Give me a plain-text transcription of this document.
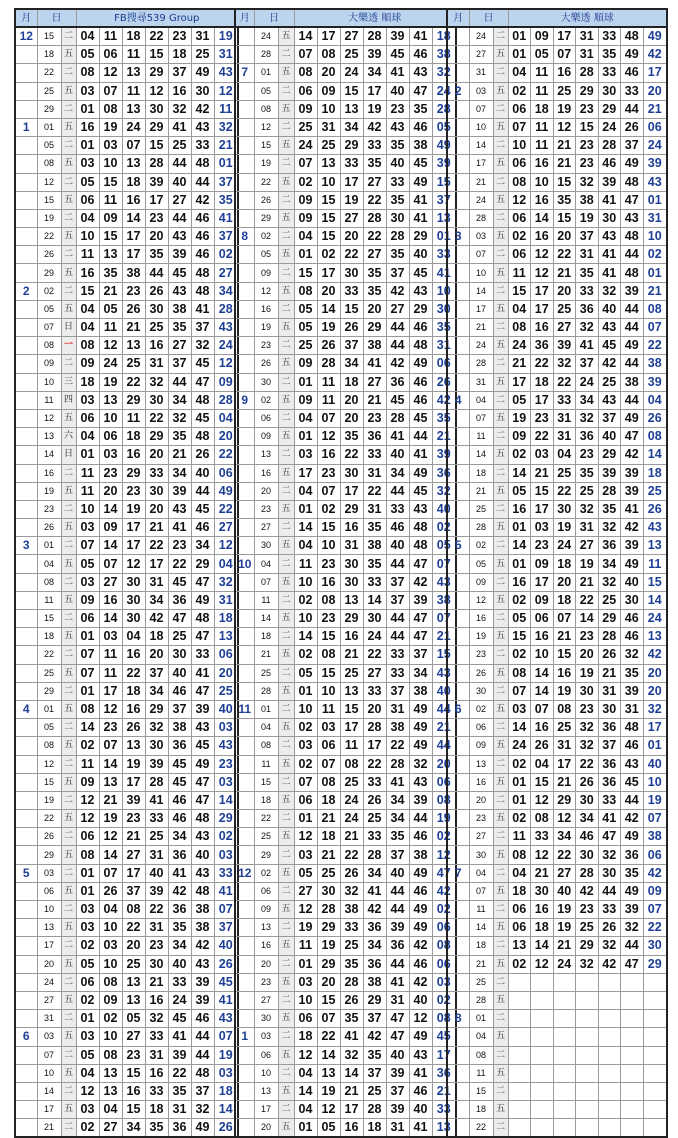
月	日		FB搜尋539 Group						
12	15	二	04	11	18	22	23	31	19
	18	五	05	06	11	15	18	25	31
	22	二	08	12	13	29	37	49	43
	25	五	03	07	11	12	16	30	12
	29	二	01	08	13	30	32	42	11
1	01	五	16	19	24	29	41	43	32
	05	二	01	03	07	15	25	33	21
	08	五	03	10	13	28	44	48	01
	12	二	05	15	18	39	40	44	37
	15	五	06	11	16	17	27	42	35
	19	二	04	09	14	23	44	46	41
	22	五	10	15	17	20	43	46	37
	26	二	11	13	17	35	39	46	02
	29	五	16	35	38	44	45	48	27
2	02	二	15	21	23	26	43	48	34
	05	五	04	05	26	30	38	41	28
	07	日	04	11	21	25	35	37	43
	08	一	08	12	13	16	27	32	24
	09	二	09	24	25	31	37	45	12
	10	三	18	19	22	32	44	47	09
	11	四	03	13	29	30	34	48	28
	12	五	06	10	11	22	32	45	04
	13	六	04	06	18	29	35	48	20
	14	日	01	03	16	20	21	26	22
	16	二	11	23	29	33	34	40	06
	19	五	11	20	23	30	39	44	49
	23	二	10	14	19	20	43	45	22
	26	五	03	09	17	21	41	46	27
3	01	二	07	14	17	22	23	34	12
	04	五	05	07	12	17	22	29	04
	08	二	03	27	30	31	45	47	32
	11	五	09	16	30	34	36	49	31
	15	二	06	14	30	42	47	48	18
	18	五	01	03	04	18	25	47	13
	22	二	07	11	16	20	30	33	06
	25	五	07	11	22	37	40	41	20
	29	二	01	17	18	34	46	47	25
4	01	五	08	12	16	29	37	39	40
	05	二	14	23	26	32	38	43	03
	08	五	02	07	13	30	36	45	43
	12	二	11	14	19	39	45	49	23
	15	五	09	13	17	28	45	47	03
	19	二	12	21	39	41	46	47	14
	22	五	12	19	23	33	46	48	29
	26	二	06	12	21	25	34	43	02
	29	五	08	14	27	31	36	40	03
5	03	二	01	07	17	40	41	43	33
	06	五	01	26	37	39	42	48	41
	10	二	03	04	08	22	36	38	07
	13	五	03	10	22	31	35	38	37
	17	二	02	03	20	23	34	42	40
	20	五	05	10	25	30	40	43	26
	24	二	06	08	13	21	33	39	45
	27	五	02	09	13	16	24	39	41
	31	二	01	02	05	32	45	46	43
6	03	五	03	10	27	33	41	44	07
	07	二	05	08	23	31	39	44	19
	10	五	04	13	15	16	22	48	03
	14	二	12	13	16	33	35	37	18
	17	五	03	04	15	18	31	32	14
	21	二	02	27	34	35	36	49	26
月	日		大樂透 順球						
	24	五	14	17	27	28	39	41	18
	28	二	07	08	25	39	45	46	38
7	01	五	08	20	24	34	41	43	32
	05	二	06	09	15	17	40	47	24
	08	五	09	10	13	19	23	35	28
	12	二	25	31	34	42	43	46	05
	15	五	24	25	29	33	35	38	49
	19	二	07	13	33	35	40	45	39
	22	五	02	10	17	27	33	49	15
	26	二	09	15	19	22	35	41	37
	29	五	09	15	27	28	30	41	13
8	02	二	04	15	20	22	28	29	01
	05	五	01	02	22	27	35	40	33
	09	二	15	17	30	35	37	45	41
	12	五	08	20	33	35	42	43	10
	16	二	05	14	15	20	27	29	30
	19	五	05	19	26	29	44	46	35
	23	二	25	26	37	38	44	48	31
	26	五	09	28	34	41	42	49	06
	30	二	01	11	18	27	36	46	26
9	02	五	09	11	20	21	45	46	42
	06	二	04	07	20	23	28	45	35
	09	五	01	12	35	36	41	44	21
	13	二	03	16	22	33	40	41	39
	16	五	17	23	30	31	34	49	36
	20	二	04	07	17	22	44	45	32
	23	五	01	02	29	31	33	43	40
	27	二	14	15	16	35	46	48	02
	30	五	04	10	31	38	40	48	05
10	04	二	11	23	30	35	44	47	07
	07	五	10	16	30	33	37	42	43
	11	二	02	08	13	14	37	39	38
	14	五	10	23	29	30	44	47	07
	18	二	14	15	16	24	44	47	21
	21	五	02	08	21	22	33	37	15
	25	二	05	15	25	27	33	34	43
	28	五	01	10	13	33	37	38	40
11	01	二	10	11	15	20	31	49	44
	04	五	02	03	17	28	38	49	21
	08	二	03	06	11	17	22	49	44
	11	五	02	07	08	22	28	32	20
	15	二	07	08	25	33	41	43	06
	18	五	06	18	24	26	34	39	08
	22	二	01	21	24	25	34	44	19
	25	五	12	18	21	33	35	46	02
	29	二	03	21	22	28	37	38	12
12	02	五	05	25	26	34	40	49	47
	06	二	27	30	32	41	44	46	42
	09	五	12	28	38	42	44	49	02
	13	二	19	29	33	36	39	49	06
	16	五	11	19	25	34	36	42	08
	20	二	01	29	35	36	44	46	06
	23	五	03	20	28	38	41	42	03
	27	二	10	15	26	29	31	40	02
	30	五	06	07	35	37	47	12	08
1	03	二	18	22	41	42	47	49	45
	06	五	12	14	32	35	40	43	17
	10	二	04	13	14	37	39	41	36
	13	五	14	19	21	25	37	46	21
	17	二	04	12	17	28	39	40	33
	20	五	01	05	16	18	31	41	13
月	日		大樂透 順球						
	24	二	01	09	17	31	33	48	49
	27	五	01	05	07	31	35	49	42
	31	二	04	11	16	28	33	46	17
2	03	五	02	11	25	29	30	33	20
	07	二	06	18	19	23	29	44	21
	10	五	07	11	12	15	24	26	06
	14	二	10	11	21	23	28	37	24
	17	五	06	16	21	23	46	49	39
	21	二	08	10	15	32	39	48	43
	24	五	12	16	35	38	41	47	01
	28	二	06	14	15	19	30	43	31
3	03	五	02	16	20	37	43	48	10
	07	二	06	12	22	31	41	44	02
	10	五	11	12	21	35	41	48	01
	14	二	15	17	20	33	32	39	21
	17	五	04	17	25	36	40	44	08
	21	二	08	16	27	32	43	44	07
	24	五	24	36	39	41	45	49	22
	28	二	21	22	32	37	42	44	38
	31	五	17	18	22	24	25	38	39
4	04	二	05	17	33	34	43	44	04
	07	五	19	23	31	32	37	49	26
	11	二	09	22	31	36	40	47	08
	14	五	02	03	04	23	29	42	14
	18	二	14	21	25	35	39	39	18
	21	五	05	15	22	25	28	39	25
	25	二	16	17	30	32	35	41	26
	28	五	01	03	19	31	32	42	43
5	02	二	14	23	24	27	36	39	13
	05	五	01	09	18	19	34	49	11
	09	二	16	17	20	21	32	40	15
	12	五	02	09	18	22	25	30	14
	16	二	05	06	07	14	29	46	24
	19	五	15	16	21	23	28	46	13
	23	二	02	10	15	20	26	32	42
	26	五	08	14	16	19	21	35	20
	30	二	07	14	19	30	31	39	20
6	02	五	03	07	08	23	30	31	32
	06	二	14	16	25	32	36	48	17
	09	五	24	26	31	32	37	46	01
	13	二	02	04	17	22	36	43	40
	16	五	01	15	21	26	36	45	10
	20	二	01	12	29	30	33	44	19
	23	五	02	08	12	34	41	42	07
	27	二	11	33	34	46	47	49	38
	30	五	08	12	22	30	32	36	06
7	04	二	04	21	27	28	30	35	42
	07	五	18	30	40	42	44	49	09
	11	二	06	16	19	23	33	39	07
	14	五	06	18	19	25	26	32	22
	18	二	13	14	21	29	32	44	30
	21	五	02	12	24	32	42	47	29
	25	二							
	28	五							
8	01	二							
	04	五							
	08	二							
	11	五							
	15	二							
	18	五							
	22	二							
